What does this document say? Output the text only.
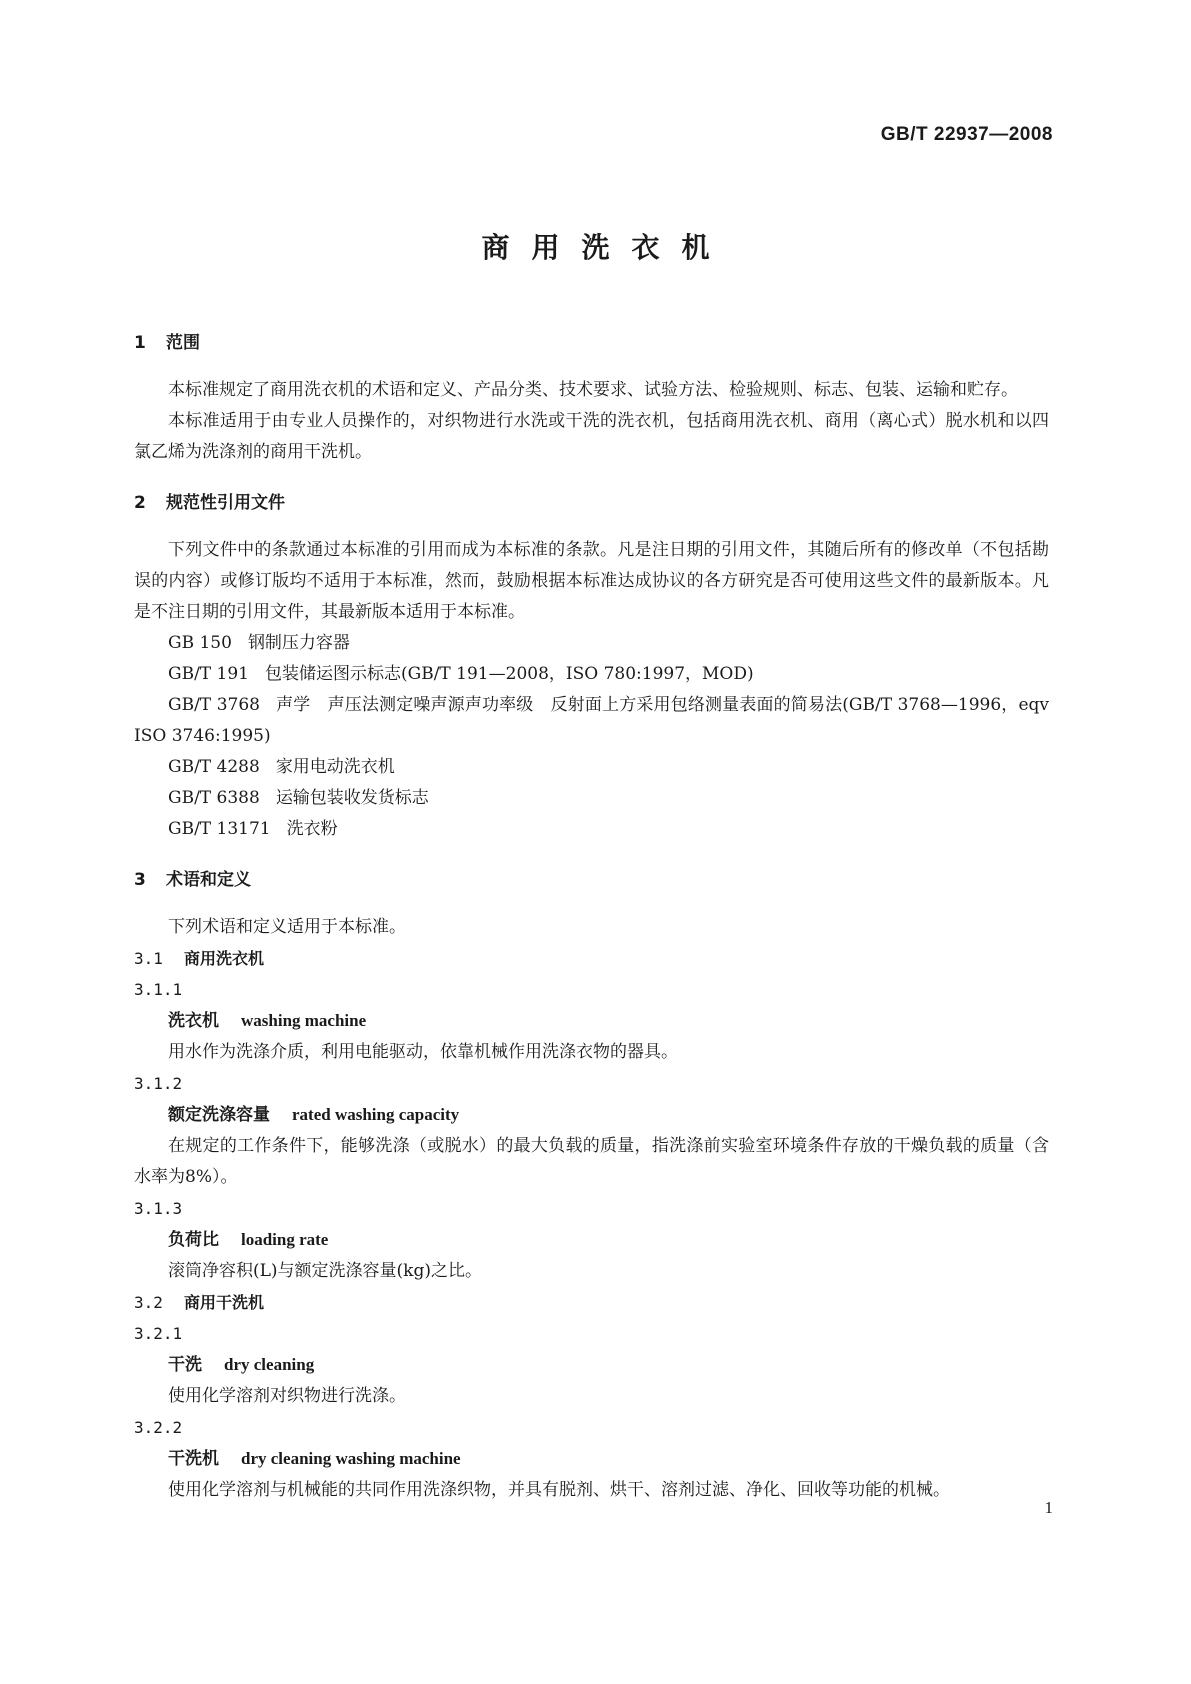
GB/T 22937—2008
商用洗衣机
1 范围

本标准规定了商用洗衣机的术语和定义、产品分类、技术要求、试验方法、检验规则、标志、包装、运输和贮存。

本标准适用于由专业人员操作的，对织物进行水洗或干洗的洗衣机，包括商用洗衣机、商用（离心式）脱水机和以四氯乙烯为洗涤剂的商用干洗机。

2 规范性引用文件

下列文件中的条款通过本标准的引用而成为本标准的条款。凡是注日期的引用文件，其随后所有的修改单（不包括勘误的内容）或修订版均不适用于本标准，然而，鼓励根据本标准达成协议的各方研究是否可使用这些文件的最新版本。凡是不注日期的引用文件，其最新版本适用于本标准。

GB 150 钢制压力容器

GB/T 191 包装储运图示标志(GB/T 191—2008，ISO 780:1997，MOD)

GB/T 3768 声学　声压法测定噪声源声功率级　反射面上方采用包络测量表面的简易法(GB/T 3768—1996，eqv ISO 3746:1995)

GB/T 4288 家用电动洗衣机

GB/T 6388 运输包装收发货标志

GB/T 13171 洗衣粉

3 术语和定义

下列术语和定义适用于本标准。

3.1 商用洗衣机

3.1.1

洗衣机 washing machine

用水作为洗涤介质，利用电能驱动，依靠机械作用洗涤衣物的器具。

3.1.2

额定洗涤容量 rated washing capacity

在规定的工作条件下，能够洗涤（或脱水）的最大负载的质量，指洗涤前实验室环境条件存放的干燥负载的质量（含水率为8%）。

3.1.3

负荷比 loading rate

滚筒净容积(L)与额定洗涤容量(kg)之比。

3.2 商用干洗机

3.2.1

干洗 dry cleaning

使用化学溶剂对织物进行洗涤。

3.2.2

干洗机 dry cleaning washing machine

使用化学溶剂与机械能的共同作用洗涤织物，并具有脱剂、烘干、溶剂过滤、净化、回收等功能的机械。

1
